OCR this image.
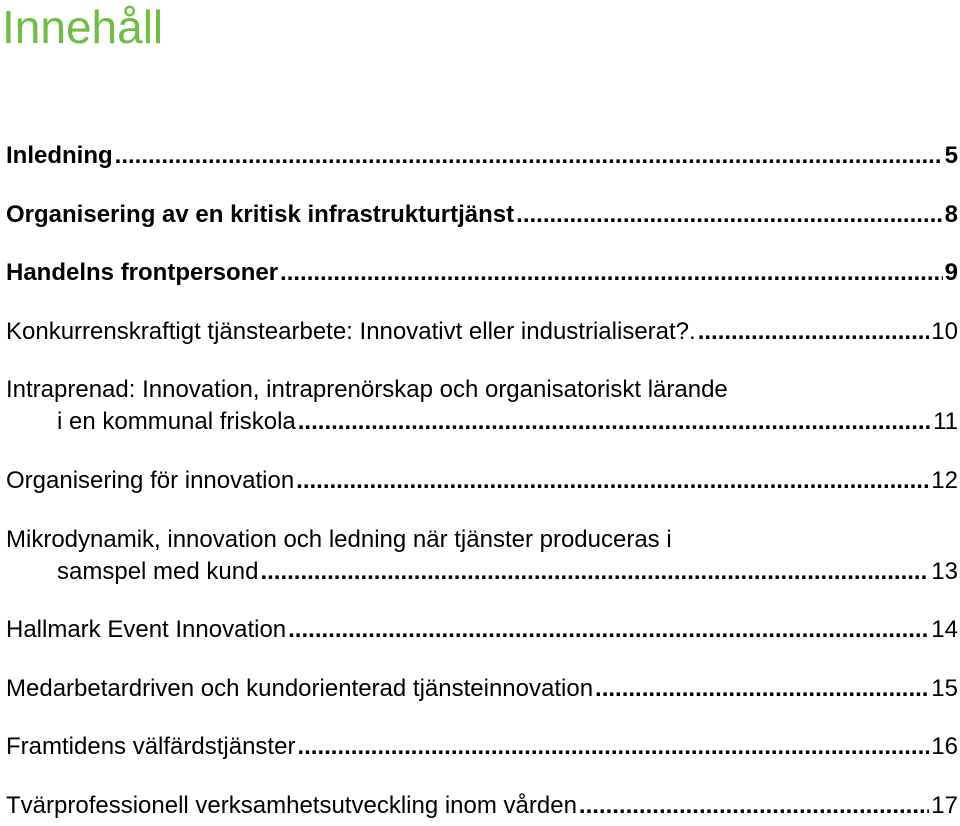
Innehåll
Inledning .....	5
Organisering av en kritisk infrastrukturtjänst .....	8
Handelns frontpersoner .....	9
Konkurrenskraftigt tjänstearbete: Innovativt eller industrialiserat?. .....	10
Intraprenad: Innovation, intraprenörskap och organisatoriskt lärande
i en kommunal friskola .....	11
Organisering för innovation .....	12
Mikrodynamik, innovation och ledning när tjänster produceras i
samspel med kund .....	13
Hallmark Event Innovation .....	14
Medarbetardriven och kundorienterad tjänsteinnovation .....	15
Framtidens välfärdstjänster .....	16
Tvärprofessionell verksamhetsutveckling inom vården .....	17
